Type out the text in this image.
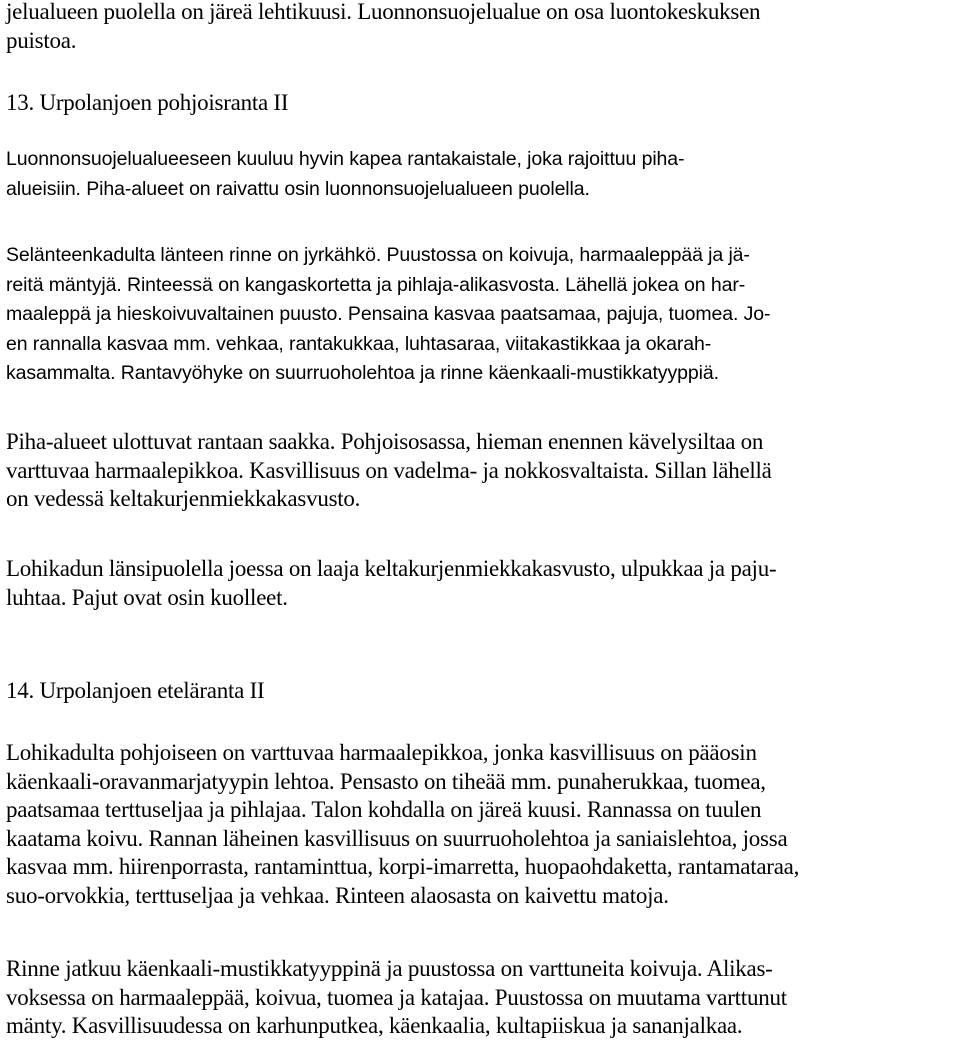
jelualueen puolella on järeä lehtikuusi. Luonnonsuojelualue on osa luontokeskuksen
puistoa.

13. Urpolanjoen pohjoisranta II

Luonnonsuojelualueeseen kuuluu hyvin kapea rantakaistale, joka rajoittuu piha-
alueisiin. Piha-alueet on raivattu osin luonnonsuojelualueen puolella.

Selänteenkadulta länteen rinne on jyrkähkö. Puustossa on koivuja, harmaaleppää ja jä-
reitä mäntyjä. Rinteessä on kangaskortetta ja pihlaja-alikasvosta. Lähellä jokea on har-
maaleppä ja hieskoivuvaltainen puusto. Pensaina kasvaa paatsamaa, pajuja, tuomea. Jo-
en rannalla kasvaa mm. vehkaa, rantakukkaa, luhtasaraa, viitakastikkaa ja okarah-
kasammalta. Rantavyöhyke on suurruoholehtoa ja rinne käenkaali-mustikkatyyppiä.

Piha-alueet ulottuvat rantaan saakka. Pohjoisosassa, hieman enennen kävelysiltaa on
varttuvaa harmaalepikkoa. Kasvillisuus on vadelma- ja nokkosvaltaista. Sillan lähellä
on vedessä keltakurjenmiekkakasvusto.

Lohikadun länsipuolella joessa on laaja keltakurjenmiekkakasvusto, ulpukkaa ja paju-
luhtaa. Pajut ovat osin kuolleet.

14. Urpolanjoen eteläranta II

Lohikadulta pohjoiseen on varttuvaa harmaalepikkoa, jonka kasvillisuus on pääosin
käenkaali-oravanmarjatyypin lehtoa. Pensasto on tiheää mm. punaherukkaa, tuomea,
paatsamaa terttuseljaa ja pihlajaa. Talon kohdalla on järeä kuusi. Rannassa on tuulen
kaatama koivu. Rannan läheinen kasvillisuus on suurruoholehtoa ja saniaislehtoa, jossa
kasvaa mm. hiirenporrasta, rantaminttua, korpi-imarretta, huopaohdaketta, rantamataraa,
suo-orvokkia, terttuseljaa ja vehkaa. Rinteen alaosasta on kaivettu matoja.

Rinne jatkuu käenkaali-mustikkatyyppinä ja puustossa on varttuneita koivuja. Alikas-
voksessa on harmaaleppää, koivua, tuomea ja katajaa. Puustossa on muutama varttunut
mänty. Kasvillisuudessa on karhunputkea, käenkaalia, kultapiiskua ja sananjalkaa.
